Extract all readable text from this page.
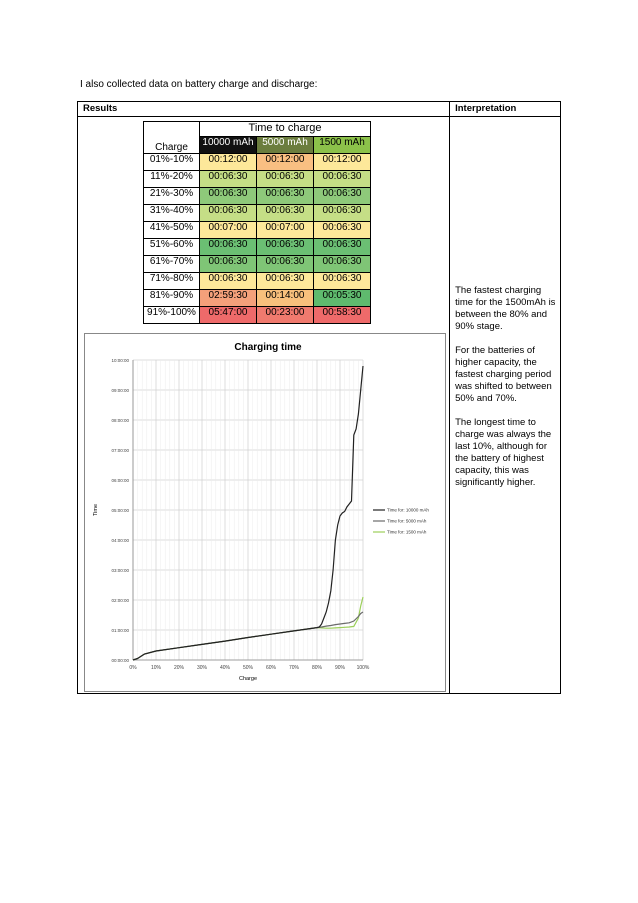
I also collected data on battery charge and discharge:
Results	Interpretation

Charge	Time to charge
10000 mAh	5000 mAh	1500 mAh
01%-10%	00:12:00	00:12:00	00:12:00
11%-20%	00:06:30	00:06:30	00:06:30
21%-30%	00:06:30	00:06:30	00:06:30
31%-40%	00:06:30	00:06:30	00:06:30
41%-50%	00:07:00	00:07:00	00:06:30
51%-60%	00:06:30	00:06:30	00:06:30
61%-70%	00:06:30	00:06:30	00:06:30
71%-80%	00:06:30	00:06:30	00:06:30
81%-90%	02:59:30	00:14:00	00:05:30
91%-100%	05:47:00	00:23:00	00:58:30
Charging time
00:00:00
01:00:00
02:00:00
03:00:00
04:00:00
05:00:00
06:00:00
07:00:00
08:00:00
09:00:00
10:00:00
0%	10%	20%	30%	40%	50%	60%	70%	80%	90% 100%
Charge
Time	Time for: 10000 mAh
Time for: 5000 mAh
Time for: 1500 mAh

The fastest charging time for the 1500mAh is between the 80% and 90% stage.

For the batteries of higher capacity, the fastest charging period was shifted to between 50% and 70%.

The longest time to charge was always the last 10%, although for the battery of highest capacity, this was significantly higher.
